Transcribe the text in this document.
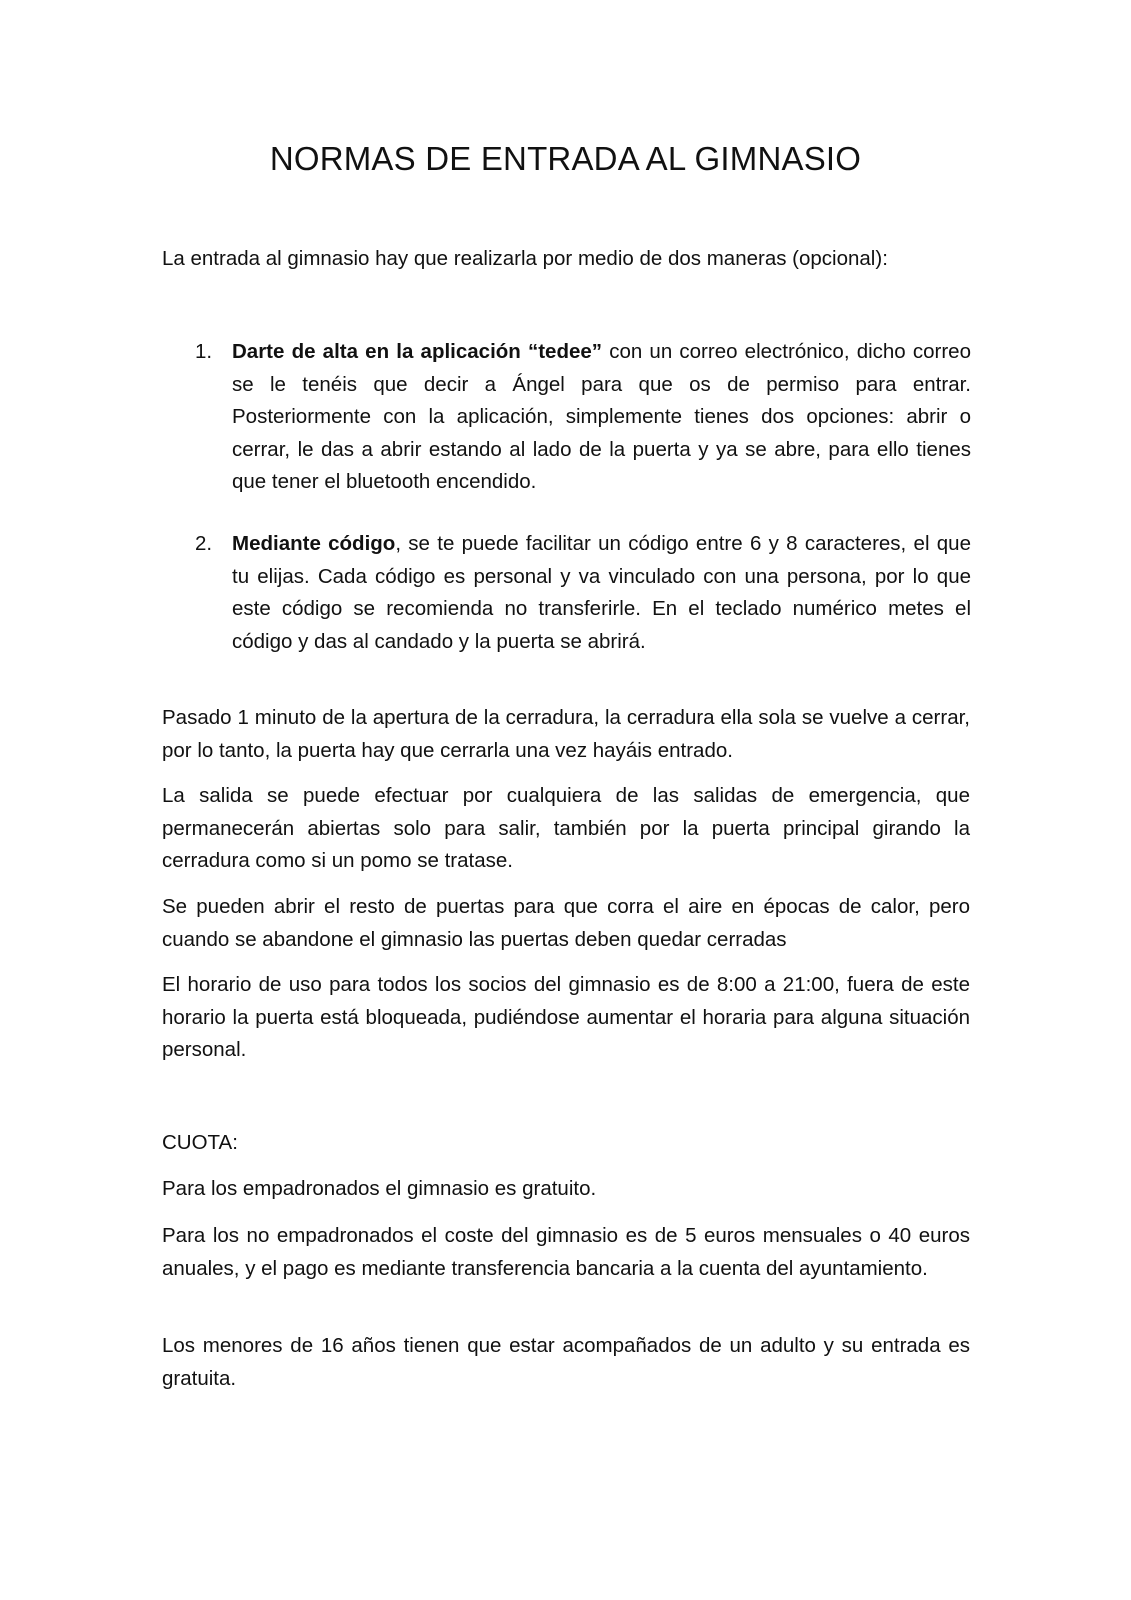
NORMAS DE ENTRADA AL GIMNASIO

La entrada al gimnasio hay que realizarla por medio de dos maneras (opcional):

1. Darte de alta en la aplicación “tedee” con un correo electrónico, dicho correo se le tenéis que decir a Ángel para que os de permiso para entrar. Posteriormente con la aplicación, simplemente tienes dos opciones: abrir o cerrar, le das a abrir estando al lado de la puerta y ya se abre, para ello tienes que tener el bluetooth encendido.
2. Mediante código, se te puede facilitar un código entre 6 y 8 caracteres, el que tu elijas. Cada código es personal y va vinculado con una persona, por lo que este código se recomienda no transferirle. En el teclado numérico metes el código y das al candado y la puerta se abrirá.

Pasado 1 minuto de la apertura de la cerradura, la cerradura ella sola se vuelve a cerrar, por lo tanto, la puerta hay que cerrarla una vez hayáis entrado.

La salida se puede efectuar por cualquiera de las salidas de emergencia, que permanecerán abiertas solo para salir, también por la puerta principal girando la cerradura como si un pomo se tratase.

Se pueden abrir el resto de puertas para que corra el aire en épocas de calor, pero cuando se abandone el gimnasio las puertas deben quedar cerradas

El horario de uso para todos los socios del gimnasio es de 8:00 a 21:00, fuera de este horario la puerta está bloqueada, pudiéndose aumentar el horaria para alguna situación personal.

CUOTA:

Para los empadronados el gimnasio es gratuito.

Para los no empadronados el coste del gimnasio es de 5 euros mensuales o 40 euros anuales, y el pago es mediante transferencia bancaria a la cuenta del ayuntamiento.

Los menores de 16 años tienen que estar acompañados de un adulto y su entrada es gratuita.
